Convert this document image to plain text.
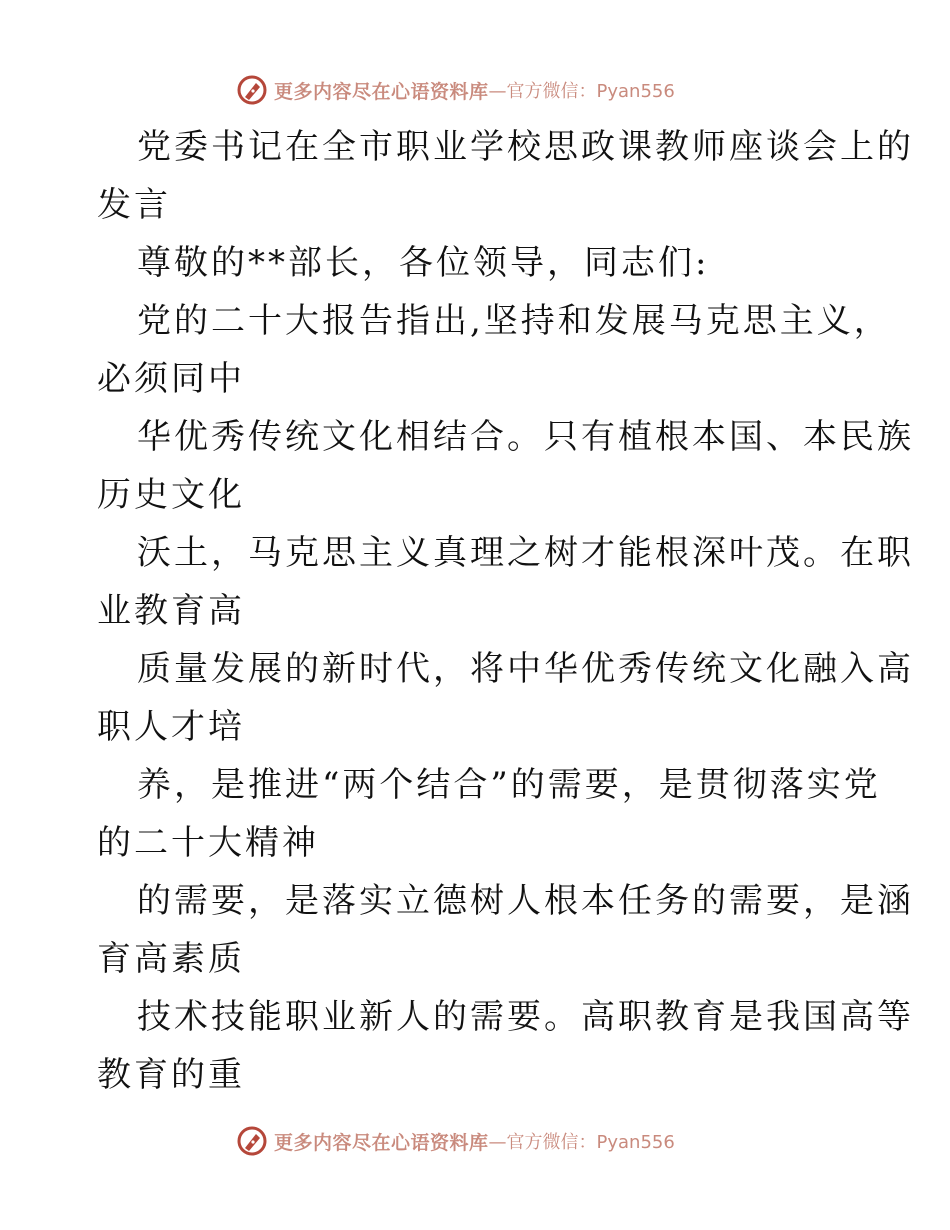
更多内容尽在心语资料库 —官方微信：Pyan556
党委书记在全市职业学校思政课教师座谈会上的
发言
尊敬的**部长，各位领导，同志们:
党的二十大报告指出,坚持和发展马克思主义，
必须同中
华优秀传统文化相结合。只有植根本国、本民族
历史文化
沃土，马克思主义真理之树才能根深叶茂。在职
业教育高
质量发展的新时代，将中华优秀传统文化融入高
职人才培
养，是推进“两个结合”的需要，是贯彻落实党
的二十大精神
的需要，是落实立德树人根本任务的需要，是涵
育高素质
技术技能职业新人的需要。高职教育是我国高等
教育的重
更多内容尽在心语资料库 —官方微信：Pyan556
